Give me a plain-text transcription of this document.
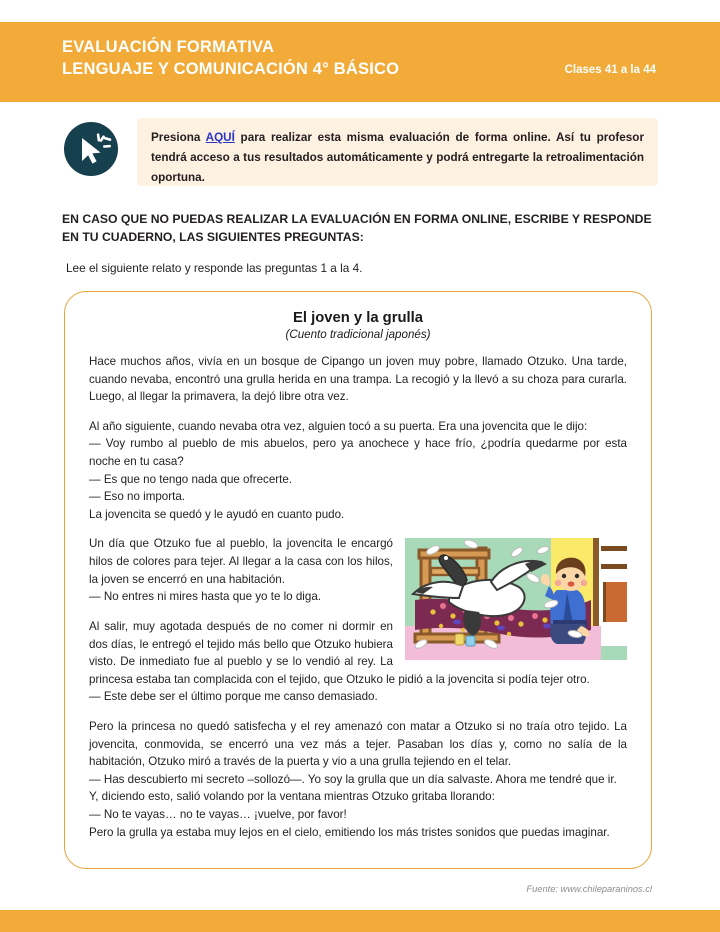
EVALUACIÓN FORMATIVA
LENGUAJE Y COMUNICACIÓN 4° BÁSICO	Clases 41 a la 44

Presiona AQUÍ para realizar esta misma evaluación de forma online. Así tu profesor tendrá acceso a tus resultados automáticamente y podrá entregarte la retroalimentación oportuna.

EN CASO QUE NO PUEDAS REALIZAR LA EVALUACIÓN EN FORMA ONLINE, ESCRIBE Y RESPONDE EN TU CUADERNO, LAS SIGUIENTES PREGUNTAS:
Lee el siguiente relato y responde las preguntas 1 a la 4.
El joven y la grulla
(Cuento tradicional japonés)

Hace muchos años, vivía en un bosque de Cipango un joven muy pobre, llamado Otzuko. Una tarde, cuando nevaba, encontró una grulla herida en una trampa. La recogió y la llevó a su choza para curarla. Luego, al llegar la primavera, la dejó libre otra vez.

Al año siguiente, cuando nevaba otra vez, alguien tocó a su puerta. Era una jovencita que le dijo:
— Voy rumbo al pueblo de mis abuelos, pero ya anochece y hace frío, ¿podría quedarme por esta noche en tu casa?
— Es que no tengo nada que ofrecerte.
— Eso no importa.
La jovencita se quedó y le ayudó en cuanto pudo.

Un día que Otzuko fue al pueblo, la jovencita le encargó hilos de colores para tejer. Al llegar a la casa con los hilos, la joven se encerró en una habitación.
— No entres ni mires hasta que yo te lo diga.

Al salir, muy agotada después de no comer ni dormir en dos días, le entregó el tejido más bello que Otzuko hubiera visto. De inmediato fue al pueblo y se lo vendió al rey. La princesa estaba tan complacida con el tejido, que Otzuko le pidió a la jovencita si podía tejer otro.
— Este debe ser el último porque me canso demasiado.

Pero la princesa no quedó satisfecha y el rey amenazó con matar a Otzuko si no traía otro tejido. La jovencita, conmovida, se encerró una vez más a tejer. Pasaban los días y, como no salía de la habitación, Otzuko miró a través de la puerta y vio a una grulla tejiendo en el telar.
— Has descubierto mi secreto –sollozó—. Yo soy la grulla que un día salvaste. Ahora me tendré que ir.
Y, diciendo esto, salió volando por la ventana mientras Otzuko gritaba llorando:
— No te vayas… no te vayas… ¡vuelve, por favor!
Pero la grulla ya estaba muy lejos en el cielo, emitiendo los más tristes sonidos que puedas imaginar.

Fuente: www.chileparaninos.cl
